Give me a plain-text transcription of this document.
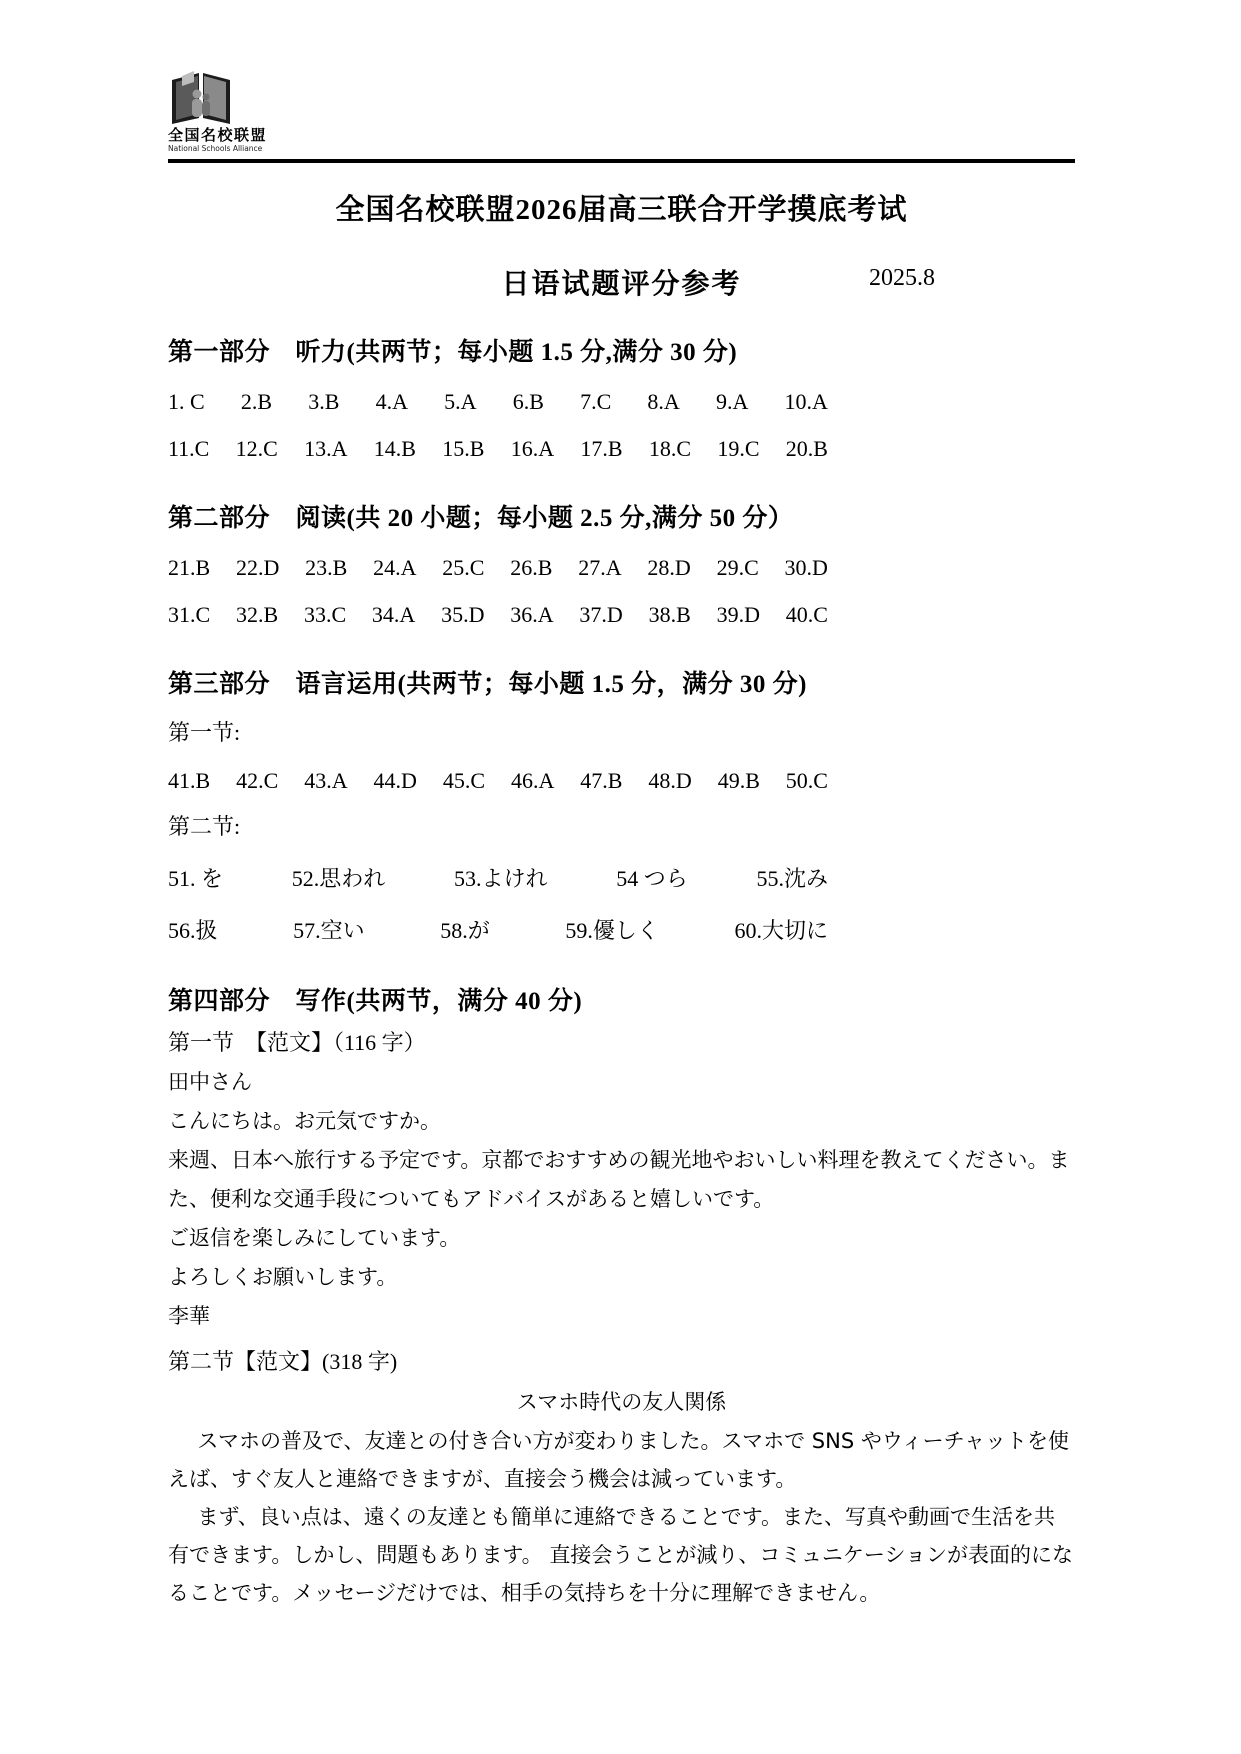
全国名校联盟
National Schools Alliance
全国名校联盟2026届高三联合开学摸底考试
日语试题评分参考	2025.8
第一部分　听力(共两节；每小题 1.5 分,满分 30 分)
1. C 2.B 3.B 4.A 5.A 6.B 7.C 8.A 9.A 10.A
11.C 12.C 13.A 14.B 15.B 16.A 17.B 18.C 19.C 20.B
第二部分　阅读(共 20 小题；每小题 2.5 分,满分 50 分）
21.B 22.D 23.B 24.A 25.C 26.B 27.A 28.D 29.C 30.D
31.C 32.B 33.C 34.A 35.D 36.A 37.D 38.B 39.D 40.C
第三部分　语言运用(共两节；每小题 1.5 分，满分 30 分)
第一节:
41.B 42.C 43.A 44.D 45.C 46.A 47.B 48.D 49.B 50.C
第二节:
51. を	52.思われ	53.よけれ	54 つら	55.沈み
56.扱	57.空い	58.が	59.優しく	60.大切に
第四部分　写作(共两节，满分 40 分)

第一节　【范文】（116 字）

田中さん

こんにちは。お元気ですか。

来週、日本へ旅行する予定です。京都でおすすめの観光地やおいしい料理を教えてください。また、便利な交通手段についてもアドバイスがあると嬉しいです。

ご返信を楽しみにしています。

よろしくお願いします。

李華

第二节【范文】(318 字)

スマホ時代の友人関係

スマホの普及で、友達との付き合い方が変わりました。スマホで SNS やウィーチャットを使えば、すぐ友人と連絡できますが、直接会う機会は減っています。

まず、良い点は、遠くの友達とも簡単に連絡できることです。また、写真や動画で生活を共有できます。しかし、問題もあります。 直接会うことが減り、コミュニケーションが表面的になることです。メッセージだけでは、相手の気持ちを十分に理解できません。
